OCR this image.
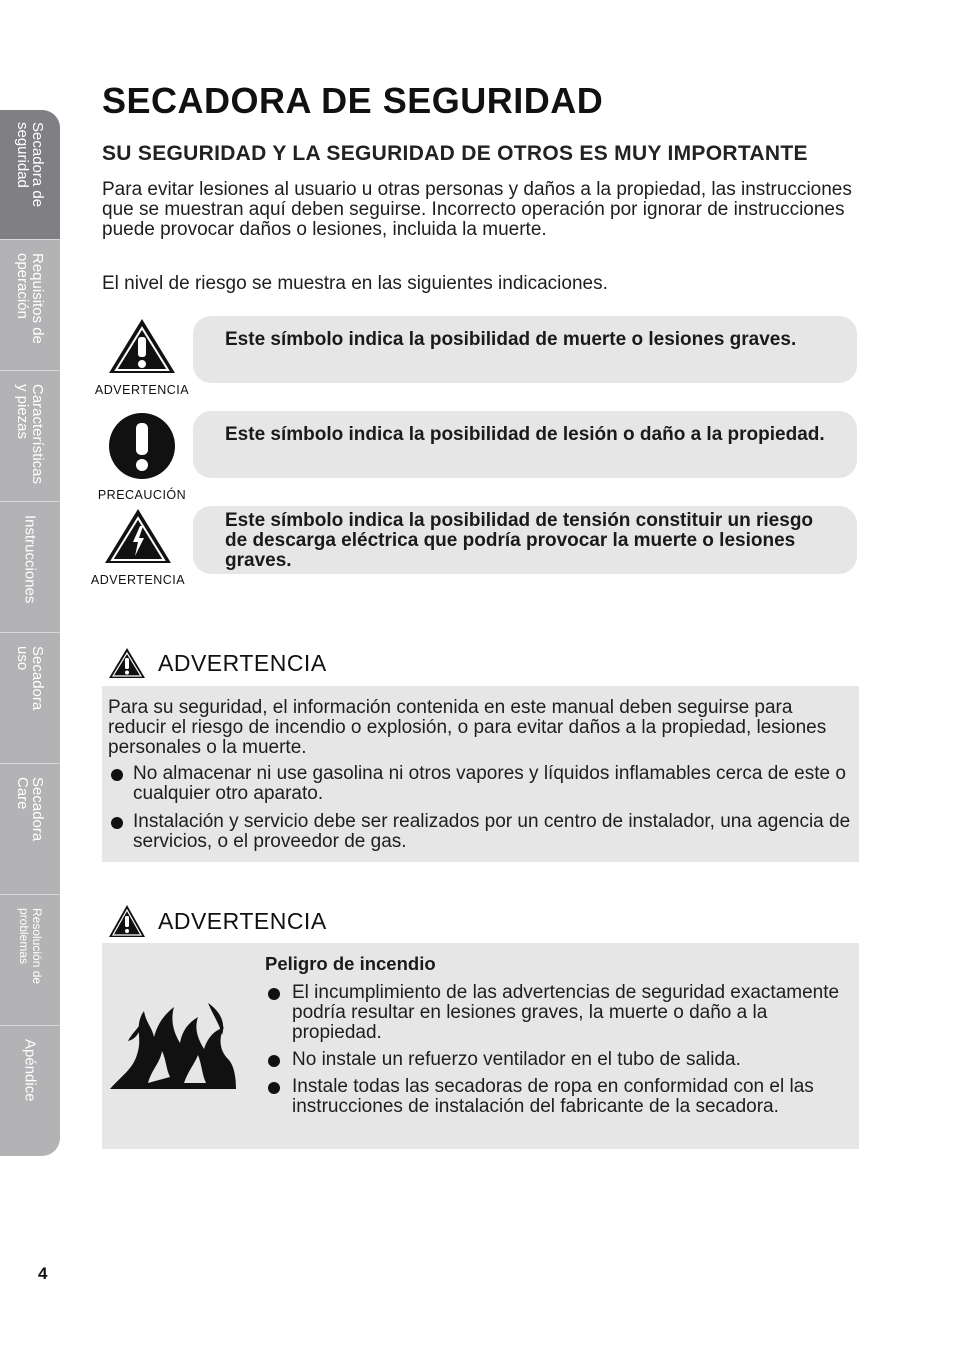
Secadora de
seguridad
Requisitos de
operación
Características
y piezas
Instrucciones
Secadora
uso
Secadora
Care
Resolución de
problemas
Apéndice
SECADORA DE SEGURIDAD
SU SEGURIDAD Y LA SEGURIDAD DE OTROS ES MUY IMPORTANTE

Para evitar lesiones al usuario u otras personas y daños a la propiedad, las instrucciones que se muestran aquí deben seguirse. Incorrecto operación por ignorar de instrucciones puede provocar daños o lesiones, incluida la muerte.

El nivel de riesgo se muestra en las siguientes indicaciones.

ADVERTENCIA
Este símbolo indica la posibilidad de muerte o lesiones graves.
PRECAUCIÓN
Este símbolo indica la posibilidad de lesión o daño a la propiedad.
ADVERTENCIA
Este símbolo indica la posibilidad de tensión constituir un riesgo de descarga eléctrica que podría provocar la muerte o lesiones graves.
ADVERTENCIA

Para su seguridad, el información contenida en este manual deben seguirse para reducir el riesgo de incendio o explosión, o para evitar daños a la propiedad, lesiones personales o la muerte.

No almacenar ni use gasolina ni otros vapores y líquidos inflamables cerca de este o cualquier otro aparato.
Instalación y servicio debe ser realizados por un centro de instalador, una agencia de servicios, o el proveedor de gas.
ADVERTENCIA
Peligro de incendio
El incumplimiento de las advertencias de seguridad exactamente podría resultar en lesiones graves, la muerte o daño a la propiedad.
No instale un refuerzo ventilador en el tubo de salida.
Instale todas las secadoras de ropa en conformidad con el las instrucciones de instalación del fabricante de la secadora.
4
